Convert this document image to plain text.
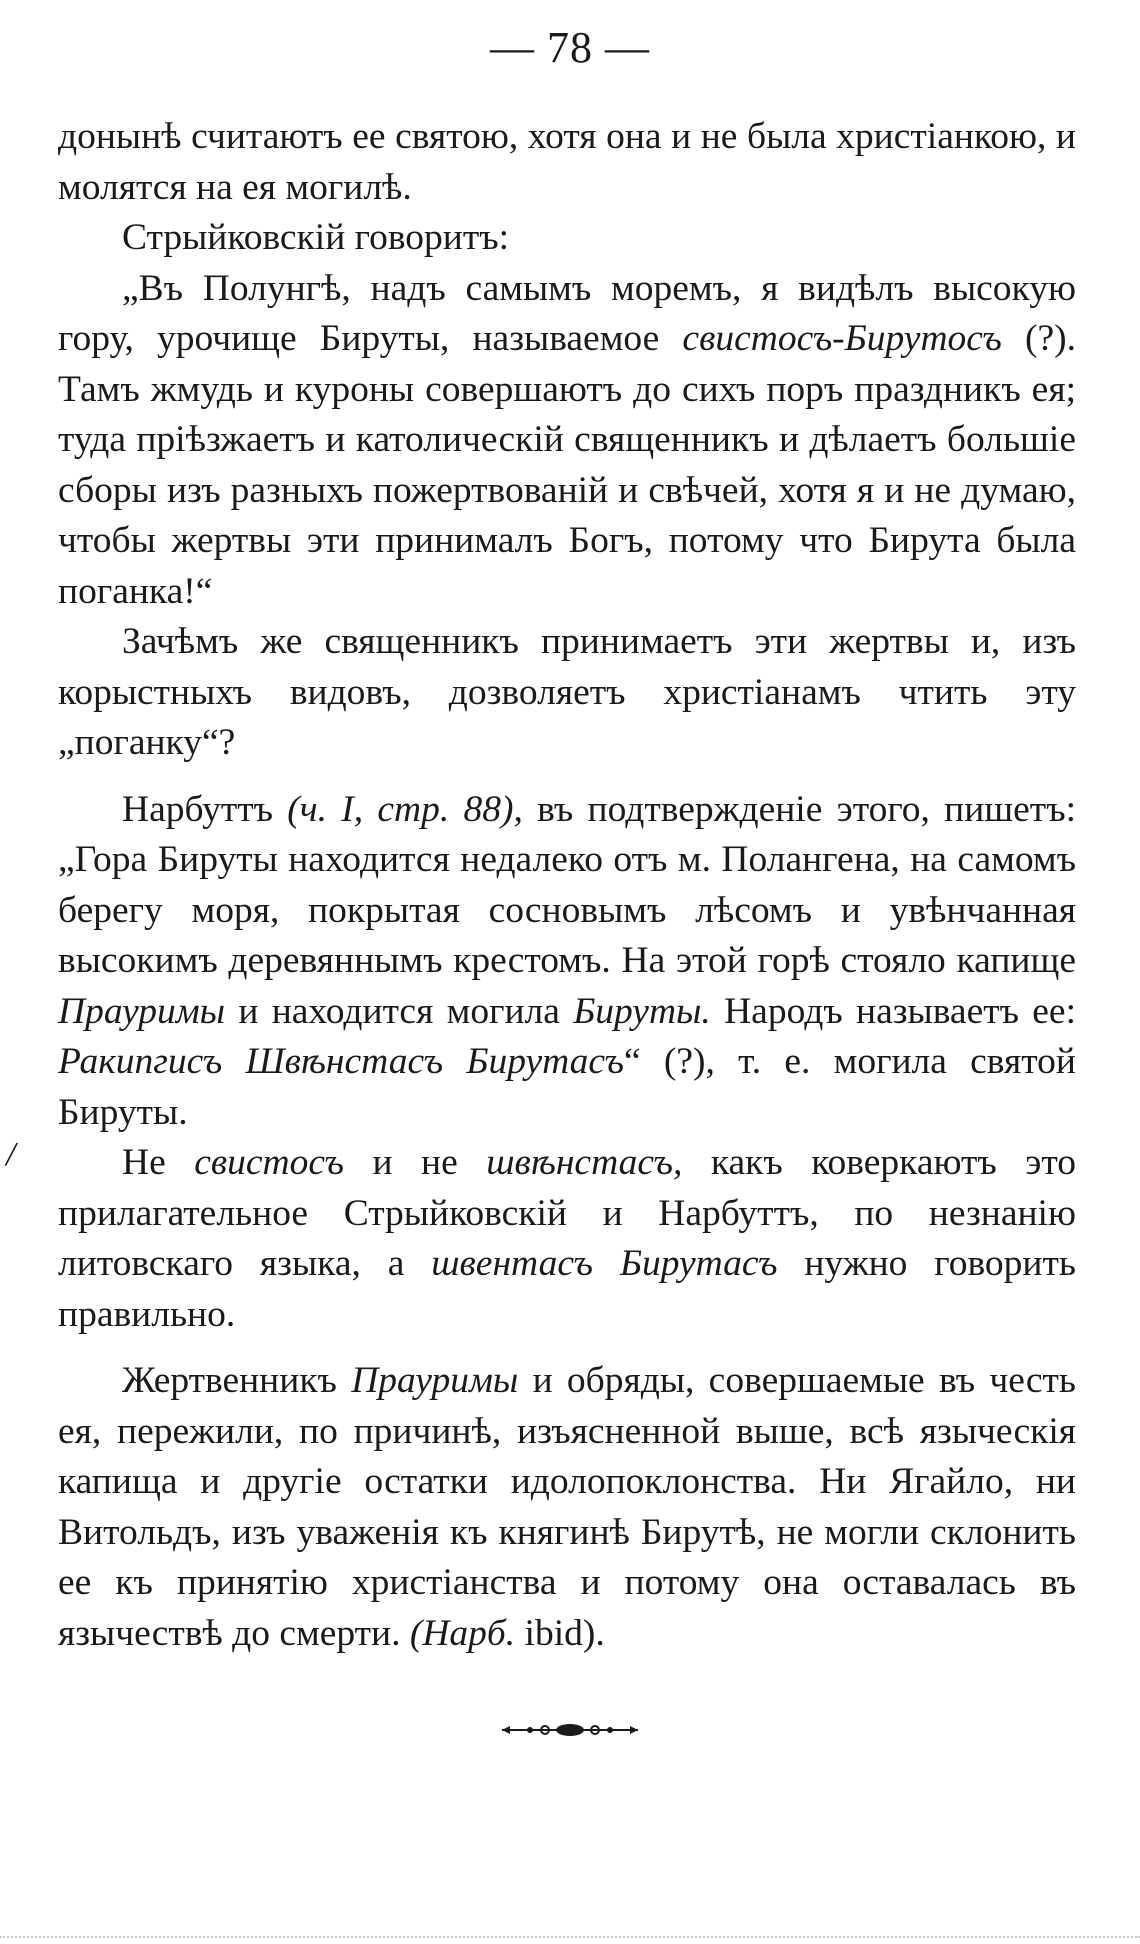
— 78 —

донынѣ считаютъ ее святою, хотя она и не была христіанкою, и молятся на ея могилѣ.

Стрыйковскій говоритъ:

„Въ Полунгѣ, надъ самымъ моремъ, я видѣлъ высокую гору, урочище Бируты, называемое свистосъ-Бирутосъ (?). Тамъ жмудь и куроны совершаютъ до сихъ поръ праздникъ ея; туда пріѣзжаетъ и католическій священникъ и дѣлаетъ большіе сборы изъ разныхъ пожертвованій и свѣчей, хотя я и не думаю, чтобы жертвы эти принималъ Богъ, потому что Бирута была поганка!“

Зачѣмъ же священникъ принимаетъ эти жертвы и, изъ корыстныхъ видовъ, дозволяетъ христіанамъ чтить эту „поганку“?

Нарбуттъ (ч. I, стр. 88), въ подтвержденіе этого, пишетъ: „Гора Бируты находится недалеко отъ м. Полангена, на самомъ берегу моря, покрытая сосновымъ лѣсомъ и увѣнчанная высокимъ деревяннымъ крестомъ. На этой горѣ стояло капище Прауримы и находится могила Бируты. Народъ называетъ ее: Ракипгисъ Швѣнстасъ Бирутасъ“ (?), т. е. могила святой Бируты.

Не свистосъ и не швѣнстасъ, какъ коверкаютъ это прилагательное Стрыйковскій и Нарбуттъ, по незнанію литовскаго языка, а швентасъ Бирутасъ нужно говорить правильно.

Жертвенникъ Прауримы и обряды, совершаемые въ честь ея, пережили, по причинѣ, изъясненной выше, всѣ языческія капища и другіе остатки идолопоклонства. Ни Ягайло, ни Витольдъ, изъ уваженія къ княгинѣ Бирутѣ, не могли склонить ее къ принятію христіанства и потому она оставалась въ язычествѣ до смерти. (Нарб. ibid).

/
